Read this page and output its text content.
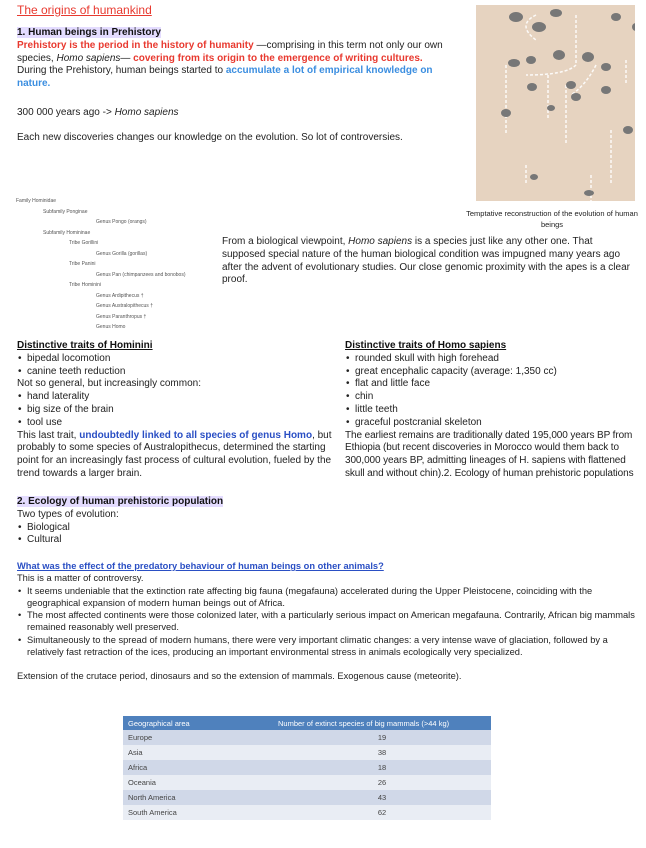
The origins of humankind
1. Human beings in Prehistory
Prehistory is the period in the history of humanity —comprising in this term not only our own species, Homo sapiens— covering from its origin to the emergence of writing cultures. During the Prehistory, human beings started to accumulate a lot of empirical knowledge on nature.
300 000 years ago -> Homo sapiens
Each new discoveries changes our knowledge on the evolution. So lot of controversies.
Temptative reconstruction of the evolution of human beings
Family Hominidae
Subfamily Ponginae
Genus Pongo (orangs)
Subfamily Homininae
Tribe Gorillini
Genus Gorilla (gorillas)
Tribe Panini
Genus Pan (chimpanzees and bonobos)
Tribe Hominini
Genus Ardipithecus †
Genus Australopithecus †
Genus Paranthropus †
Genus Homo
From a biological viewpoint, Homo sapiens is a species just like any other one. That supposed special nature of the human biological condition was impugned many years ago after the advent of evolutionary studies. Our close genomic proximity with the apes is a clear proof.
Distinctive traits of Hominini
• bipedal locomotion
• canine teeth reduction
Not so general, but increasingly common:
• hand laterality
• big size of the brain
• tool use
This last trait, undoubtedly linked to all species of genus Homo, but probably to some species of Australopithecus, determined the starting point for an increasingly fast process of cultural evolution, fueled by the trend towards a larger brain.
2. Ecology of human prehistoric population
Two types of evolution:
• Biological
• Cultural
Distinctive traits of Homo sapiens
• rounded skull with high forehead
• great encephalic capacity (average: 1,350 cc)
• flat and little face
• chin
• little teeth
• graceful postcranial skeleton
The earliest remains are traditionally dated 195,000 years BP from Ethiopia (but recent discoveries in Morocco would them back to 300,000 years BP, admitting lineages of H. sapiens with flattened skull and without chin).2. Ecology of human prehistoric populations
What was the effect of the predatory behaviour of human beings on other animals?
This is a matter of controversy.
• It seems undeniable that the extinction rate affecting big fauna (megafauna) accelerated during the Upper Pleistocene, coinciding with the geographical expansion of modern human beings out of Africa.
• The most affected continents were those colonized later, with a particularly serious impact on American megafauna. Contrarily, African big mammals remained reasonably well preserved.
• Simultaneously to the spread of modern humans, there were very important climatic changes: a very intense wave of glaciation, followed by a relatively fast retraction of the ices, producing an important environmental stress in animals ecologically very specialized.
Extension of the crutace period, dinosaurs and so the extension of mammals. Exogenous cause (meteorite).
Geographical area	Number of extinct species of big mammals (>44 kg)
Europe	19
Asia	38
Africa	18
Oceania	26
North America	43
South America	62
